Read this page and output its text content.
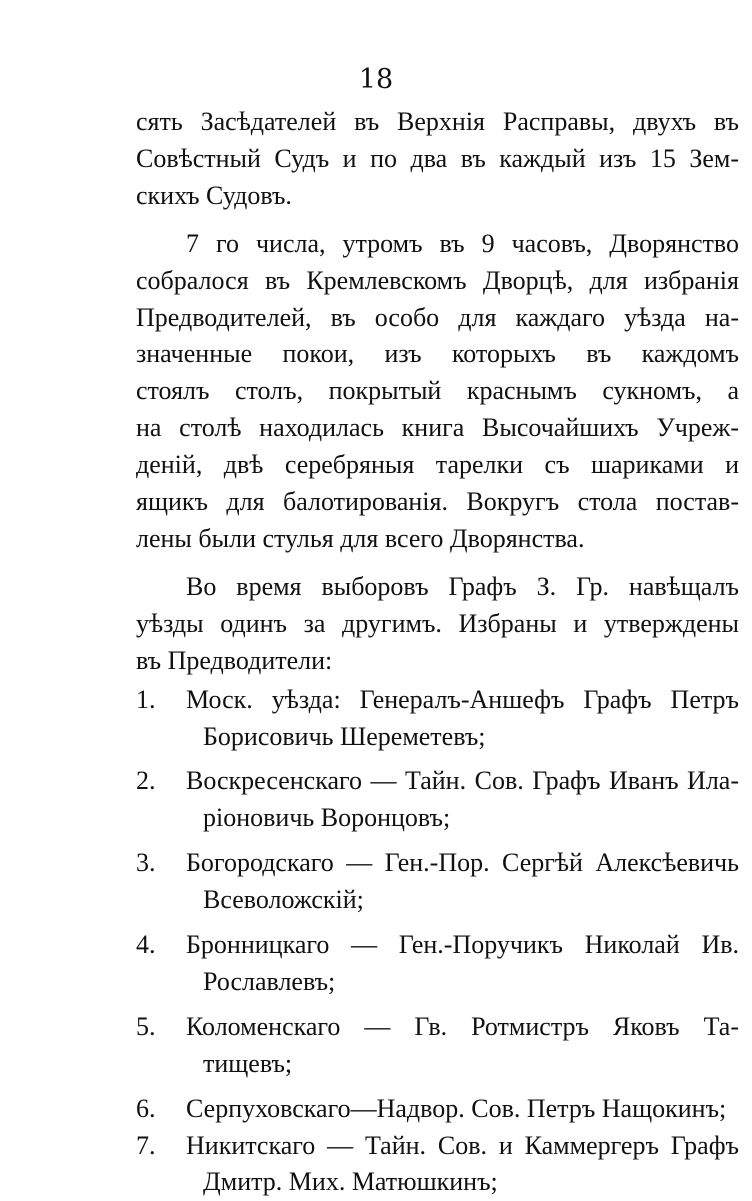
18
сять Засѣдателей въ Верхнія Расправы, двухъ въ
Совѣстный Судъ и по два въ каждый изъ 15 Зем-
скихъ Судовъ.
7 го числа, утромъ въ 9 часовъ, Дворянство
собралося въ Кремлевскомъ Дворцѣ, для избранія
Предводителей, въ особо для каждаго уѣзда на-
значенные покои, изъ которыхъ въ каждомъ
стоялъ столъ, покрытый краснымъ сукномъ, а
на столѣ находилась книга Высочайшихъ Учреж-
деній, двѣ серебряныя тарелки съ шариками и
ящикъ для балотированія. Вокругъ стола постав-
лены были стулья для всего Дворянства.
Во время выборовъ Графъ З. Гр. навѣщалъ
уѣзды одинъ за другимъ. Избраны и утверждены
въ Предводители:
1. Моск. уѣзда: Генералъ-Аншефъ Графъ Петръ
Борисовичь Шереметевъ;
2. Воскресенскаго — Тайн. Сов. Графъ Иванъ Ила-
ріоновичь Воронцовъ;
3. Богородскаго — Ген.-Пор. Сергѣй Алексѣевичь
Всеволожскій;
4. Бронницкаго — Ген.-Поручикъ Николай Ив.
Рославлевъ;
5. Коломенскаго — Гв. Ротмистръ Яковъ Та-
тищевъ;
6. Серпуховскаго—Надвор. Сов. Петръ Нащокинъ;
7. Никитскаго — Тайн. Сов. и Каммергеръ Графъ
Дмитр. Мих. Матюшкинъ;
